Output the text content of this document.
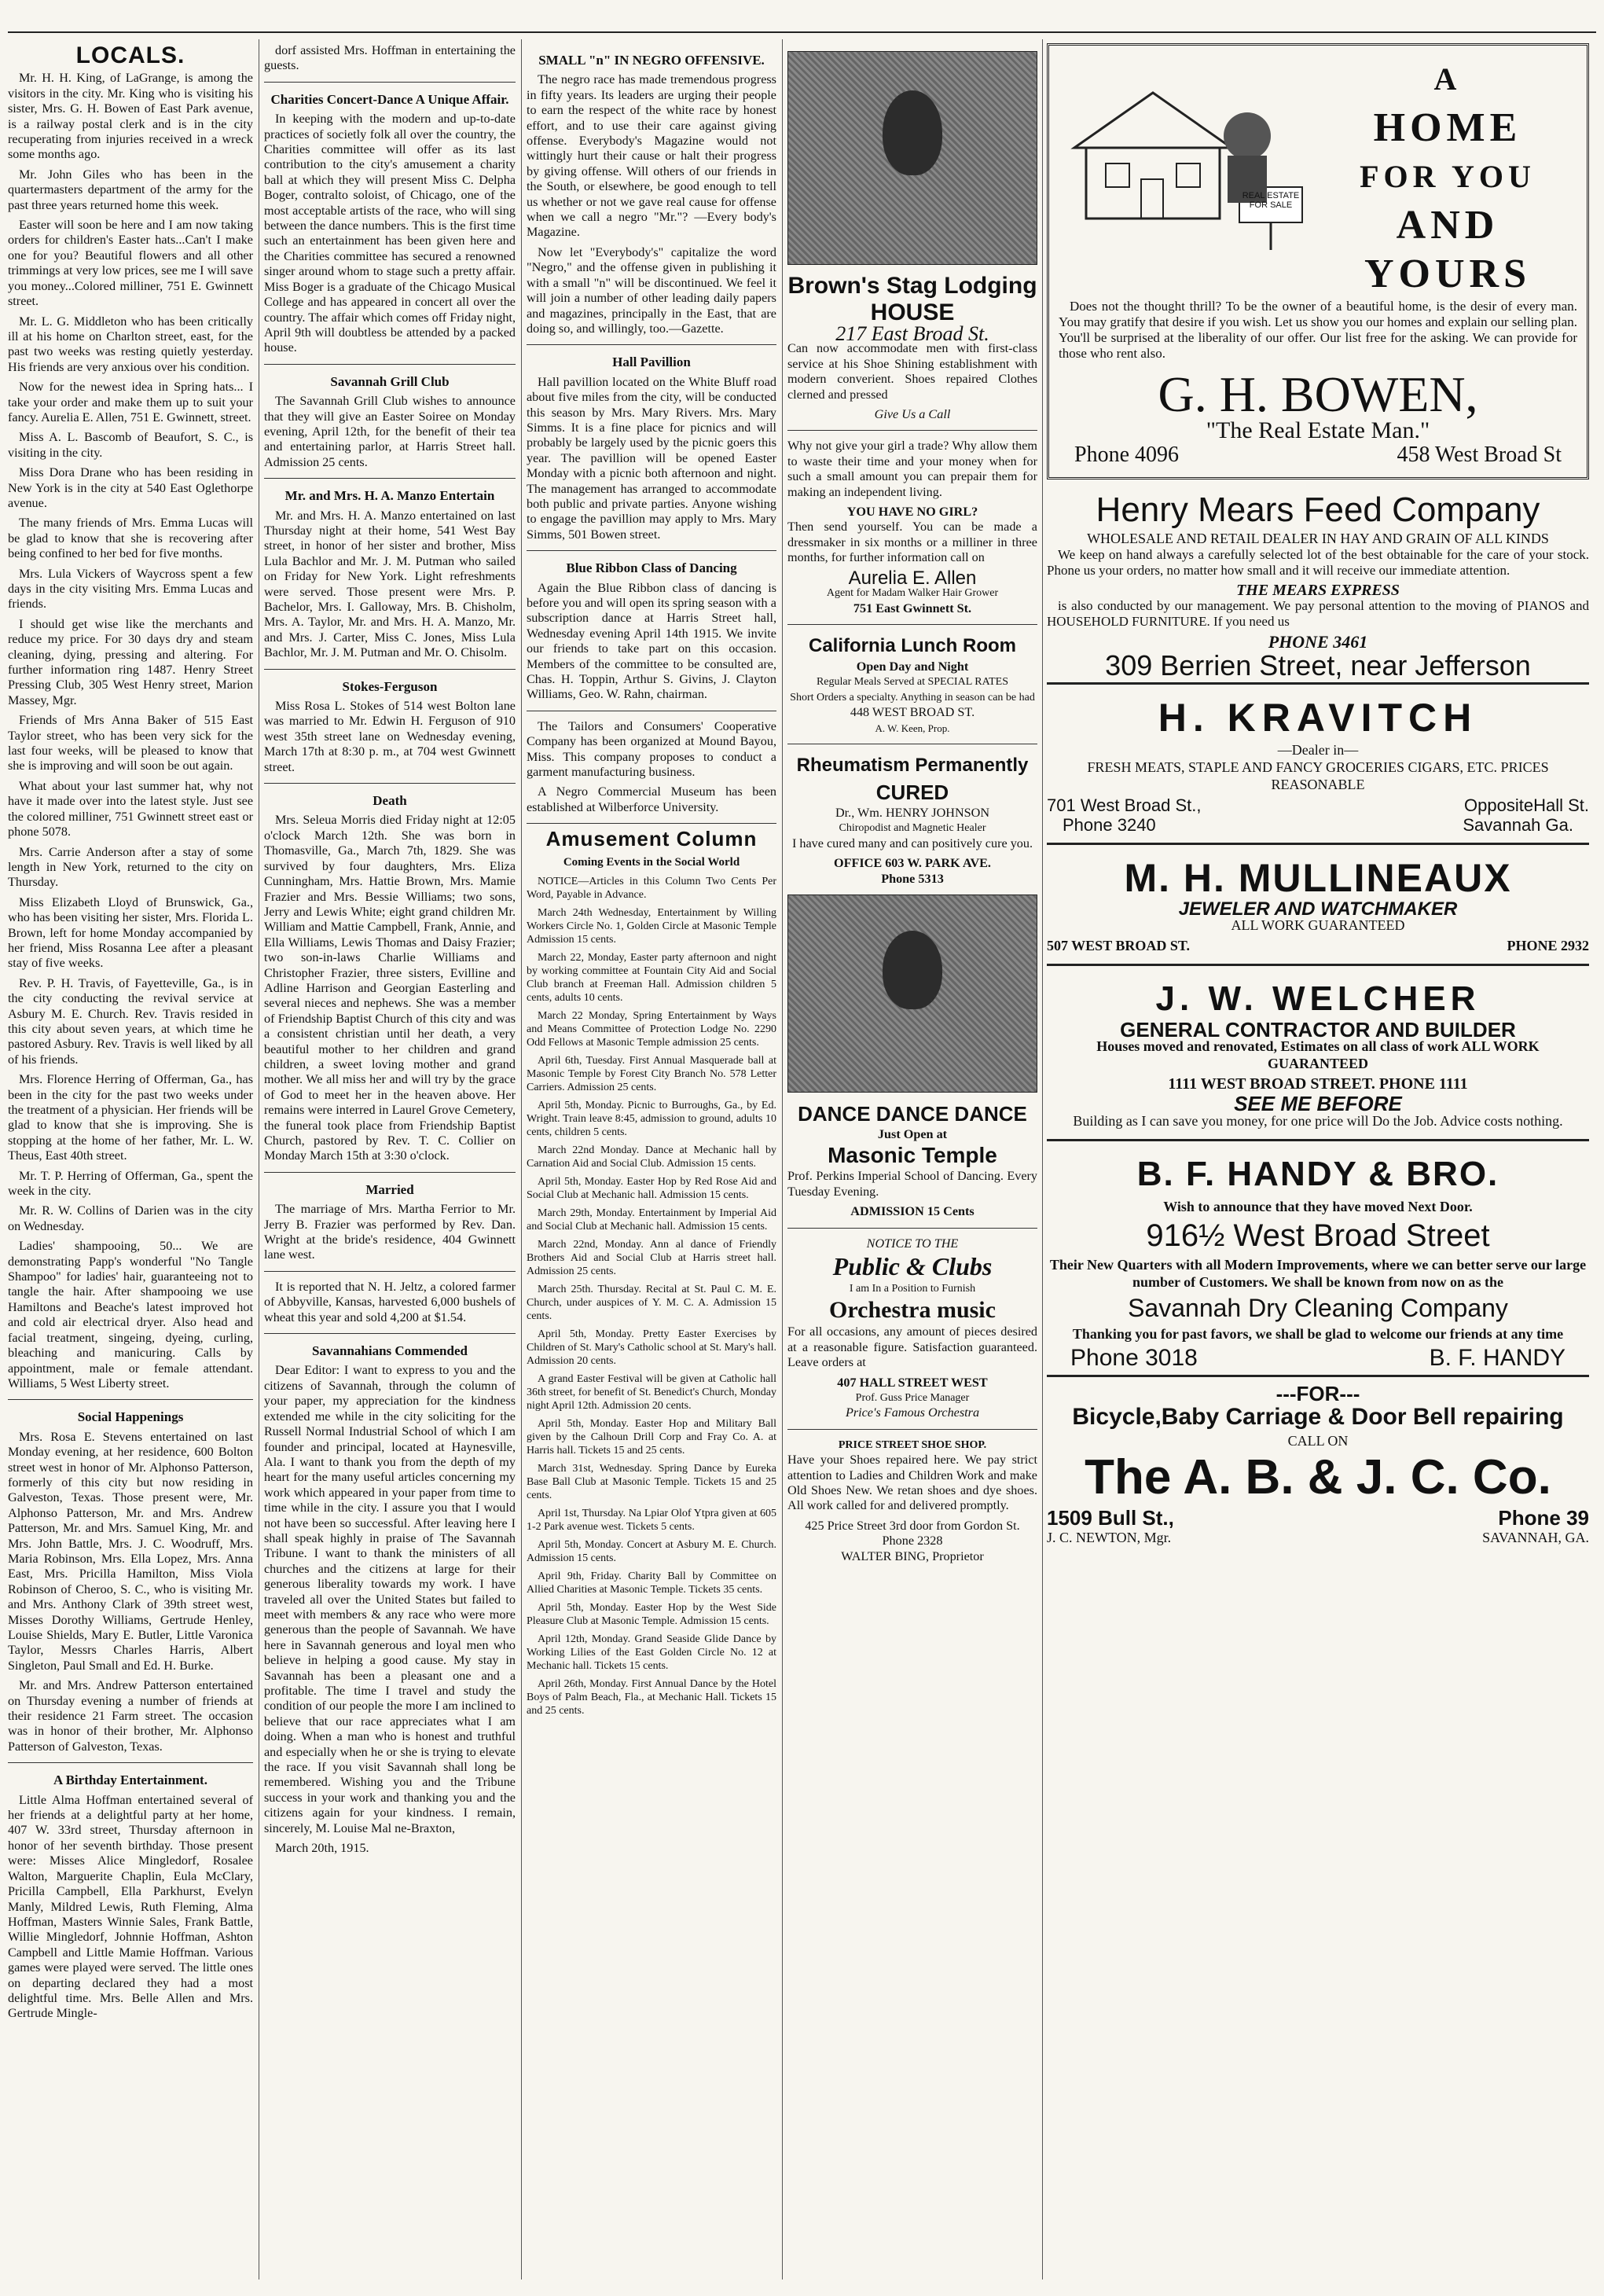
LOCALS.

Mr. H. H. King, of LaGrange, is among the visitors in the city. Mr. King who is visiting his sister, Mrs. G. H. Bowen of East Park avenue, is a railway postal clerk and is in the city recuperating from injuries received in a wreck some months ago.

Mr. John Giles who has been in the quartermasters department of the army for the past three years returned home this week.

Easter will soon be here and I am now taking orders for children's Easter hats...Can't I make one for you? Beautiful flowers and all other trimmings at very low prices, see me I will save you money...Colored milliner, 751 E. Gwinnett street.

Mr. L. G. Middleton who has been critically ill at his home on Charlton street, east, for the past two weeks was resting quietly yesterday. His friends are very anxious over his condition.

Now for the newest idea in Spring hats... I take your order and make them up to suit your fancy. Aurelia E. Allen, 751 E. Gwinnett, street.

Miss A. L. Bascomb of Beaufort, S. C., is visiting in the city.

Miss Dora Drane who has been residing in New York is in the city at 540 East Oglethorpe avenue.

The many friends of Mrs. Emma Lucas will be glad to know that she is recovering after being confined to her bed for five months.

Mrs. Lula Vickers of Waycross spent a few days in the city visiting Mrs. Emma Lucas and friends.

I should get wise like the merchants and reduce my price. For 30 days dry and steam cleaning, dying, pressing and altering. For further information ring 1487. Henry Street Pressing Club, 305 West Henry street, Marion Massey, Mgr.

Friends of Mrs Anna Baker of 515 East Taylor street, who has been very sick for the last four weeks, will be pleased to know that she is improving and will soon be out again.

What about your last summer hat, why not have it made over into the latest style. Just see the colored milliner, 751 Gwinnett street east or phone 5078.

Mrs. Carrie Anderson after a stay of some length in New York, returned to the city on Thursday.

Miss Elizabeth Lloyd of Brunswick, Ga., who has been visiting her sister, Mrs. Florida L. Brown, left for home Monday accompanied by her friend, Miss Rosanna Lee after a pleasant stay of five weeks.

Rev. P. H. Travis, of Fayetteville, Ga., is in the city conducting the revival service at Asbury M. E. Church. Rev. Travis resided in this city about seven years, at which time he pastored Asbury. Rev. Travis is well liked by all of his friends.

Mrs. Florence Herring of Offerman, Ga., has been in the city for the past two weeks under the treatment of a physician. Her friends will be glad to know that she is improving. She is stopping at the home of her father, Mr. L. W. Theus, East 40th street.

Mr. T. P. Herring of Offerman, Ga., spent the week in the city.

Mr. R. W. Collins of Darien was in the city on Wednesday.

Ladies' shampooing, 50... We are demonstrating Papp's wonderful "No Tangle Shampoo" for ladies' hair, guaranteeing not to tangle the hair. After shampooing we use Hamiltons and Beache's latest improved hot and cold air electrical dryer. Also head and facial treatment, singeing, dyeing, curling, bleaching and manicuring. Calls by appointment, male or female attendant. Williams, 5 West Liberty street.

Social Happenings

Mrs. Rosa E. Stevens entertained on last Monday evening, at her residence, 600 Bolton street west in honor of Mr. Alphonso Patterson, formerly of this city but now residing in Galveston, Texas. Those present were, Mr. Alphonso Patterson, Mr. and Mrs. Andrew Patterson, Mr. and Mrs. Samuel King, Mr. and Mrs. John Battle, Mrs. J. C. Woodruff, Mrs. Maria Robinson, Mrs. Ella Lopez, Mrs. Anna East, Mrs. Pricilla Hamilton, Miss Viola Robinson of Cheroo, S. C., who is visiting Mr. and Mrs. Anthony Clark of 39th street west, Misses Dorothy Williams, Gertrude Henley, Louise Shields, Mary E. Butler, Little Varonica Taylor, Messrs Charles Harris, Albert Singleton, Paul Small and Ed. H. Burke.

Mr. and Mrs. Andrew Patterson entertained on Thursday evening a number of friends at their residence 21 Farm street. The occasion was in honor of their brother, Mr. Alphonso Patterson of Galveston, Texas.

A Birthday Entertainment.

Little Alma Hoffman entertained several of her friends at a delightful party at her home, 407 W. 33rd street, Thursday afternoon in honor of her seventh birthday. Those present were: Misses Alice Mingledorf, Rosalee Walton, Marguerite Chaplin, Eula McClary, Pricilla Campbell, Ella Parkhurst, Evelyn Manly, Mildred Lewis, Ruth Fleming, Alma Hoffman, Masters Winnie Sales, Frank Battle, Willie Mingledorf, Johnnie Hoffman, Ashton Campbell and Little Mamie Hoffman. Various games were played were served. The little ones on departing declared they had a most delightful time. Mrs. Belle Allen and Mrs. Gertrude Mingle-

dorf assisted Mrs. Hoffman in entertaining the guests.

Charities Concert-Dance A Unique Affair.

In keeping with the modern and up-to-date practices of societly folk all over the country, the Charities committee will offer as its last contribution to the city's amusement a charity ball at which they will present Miss C. Delpha Boger, contralto soloist, of Chicago, one of the most acceptable artists of the race, who will sing between the dance numbers. This is the first time such an entertainment has been given here and the Charities committee has secured a renowned singer around whom to stage such a pretty affair. Miss Boger is a graduate of the Chicago Musical College and has appeared in concert all over the country. The affair which comes off Friday night, April 9th will doubtless be attended by a packed house.

Savannah Grill Club

The Savannah Grill Club wishes to announce that they will give an Easter Soiree on Monday evening, April 12th, for the benefit of their tea and entertaining parlor, at Harris Street hall. Admission 25 cents.

Mr. and Mrs. H. A. Manzo Entertain

Mr. and Mrs. H. A. Manzo entertained on last Thursday night at their home, 541 West Bay street, in honor of her sister and brother, Miss Lula Bachlor and Mr. J. M. Putman who sailed on Friday for New York. Light refreshments were served. Those present were Mrs. P. Bachelor, Mrs. I. Galloway, Mrs. B. Chisholm, Mrs. A. Taylor, Mr. and Mrs. H. A. Manzo, Mr. and Mrs. J. Carter, Miss C. Jones, Miss Lula Bachlor, Mr. J. M. Putman and Mr. O. Chisolm.

Stokes-Ferguson

Miss Rosa L. Stokes of 514 west Bolton lane was married to Mr. Edwin H. Ferguson of 910 west 35th street lane on Wednesday evening, March 17th at 8:30 p. m., at 704 west Gwinnett street.

Death

Mrs. Seleua Morris died Friday night at 12:05 o'clock March 12th. She was born in Thomasville, Ga., March 7th, 1829. She was survived by four daughters, Mrs. Eliza Cunningham, Mrs. Hattie Brown, Mrs. Mamie Frazier and Mrs. Bessie Williams; two sons, Jerry and Lewis White; eight grand children Mr. William and Mattie Campbell, Frank, Annie, and Ella Williams, Lewis Thomas and Daisy Frazier; two son-in-laws Charlie Williams and Christopher Frazier, three sisters, Evilline and Adline Harrison and Georgian Easterling and several nieces and nephews. She was a member of Friendship Baptist Church of this city and was a consistent christian until her death, a very beautiful mother to her children and grand children, a sweet loving mother and grand mother. We all miss her and will try by the grace of God to meet her in the heaven above. Her remains were interred in Laurel Grove Cemetery, the funeral took place from Friendship Baptist Church, pastored by Rev. T. C. Collier on Monday March 15th at 3:30 o'clock.

Married

The marriage of Mrs. Martha Ferrior to Mr. Jerry B. Frazier was performed by Rev. Dan. Wright at the bride's residence, 404 Gwinnett lane west.

It is reported that N. H. Jeltz, a colored farmer of Abbyville, Kansas, harvested 6,000 bushels of wheat this year and sold 4,200 at $1.54.

Savannahians Commended

Dear Editor: I want to express to you and the citizens of Savannah, through the column of your paper, my appreciation for the kindness extended me while in the city soliciting for the Russell Normal Industrial School of which I am founder and principal, located at Haynesville, Ala. I want to thank you from the depth of my heart for the many useful articles concerning my work which appeared in your paper from time to time while in the city. I assure you that I would not have been so successful. After leaving here I shall speak highly in praise of The Savannah Tribune. I want to thank the ministers of all churches and the citizens at large for their generous liberality towards my work. I have traveled all over the United States but failed to meet with members & any race who were more generous than the people of Savannah. We have here in Savannah generous and loyal men who believe in helping a good cause. My stay in Savannah has been a pleasant one and a profitable. The time I travel and study the condition of our people the more I am inclined to believe that our race appreciates what I am doing. When a man who is honest and truthful and especially when he or she is trying to elevate the race. If you visit Savannah shall long be remembered. Wishing you and the Tribune success in your work and thanking you and the citizens again for your kindness. I remain, sincerely, M. Louise Mal ne-Braxton,

March 20th, 1915.

SMALL "n" IN NEGRO OFFENSIVE.

The negro race has made tremendous progress in fifty years. Its leaders are urging their people to earn the respect of the white race by honest effort, and to use their care against giving offense. Everybody's Magazine would not wittingly hurt their cause or halt their progress by giving offense. Will others of our friends in the South, or elsewhere, be good enough to tell us whether or not we gave real cause for offense when we call a negro "Mr."? —Every body's Magazine.

Now let "Everybody's" capitalize the word "Negro," and the offense given in publishing it with a small "n" will be discontinued. We feel it will join a number of other leading daily papers and magazines, principally in the East, that are doing so, and willingly, too.—Gazette.

Hall Pavillion

Hall pavillion located on the White Bluff road about five miles from the city, will be conducted this season by Mrs. Mary Rivers. Mrs. Mary Simms. It is a fine place for picnics and will probably be largely used by the picnic goers this year. The pavillion will be opened Easter Monday with a picnic both afternoon and night. The management has arranged to accommodate both public and private parties. Anyone wishing to engage the pavillion may apply to Mrs. Mary Simms, 501 Bowen street.

Blue Ribbon Class of Dancing

Again the Blue Ribbon class of dancing is before you and will open its spring season with a subscription dance at Harris Street hall, Wednesday evening April 14th 1915. We invite our friends to take part on this occasion. Members of the committee to be consulted are, Chas. H. Toppin, Arthur S. Givins, J. Clayton Williams, Geo. W. Rahn, chairman.

The Tailors and Consumers' Cooperative Company has been organized at Mound Bayou, Miss. This company proposes to conduct a garment manufacturing business.

A Negro Commercial Museum has been established at Wilberforce University.

Amusement Column
Coming Events in the Social World

NOTICE—Articles in this Column Two Cents Per Word, Payable in Advance.

March 24th Wednesday, Entertainment by Willing Workers Circle No. 1, Golden Circle at Masonic Temple Admission 15 cents.

March 22, Monday, Easter party afternoon and night by working committee at Fountain City Aid and Social Club branch at Freeman Hall. Admission children 5 cents, adults 10 cents.

March 22 Monday, Spring Entertainment by Ways and Means Committee of Protection Lodge No. 2290 Odd Fellows at Masonic Temple admission 25 cents.

April 6th, Tuesday. First Annual Masquerade ball at Masonic Temple by Forest City Branch No. 578 Letter Carriers. Admission 25 cents.

April 5th, Monday. Picnic to Burroughs, Ga., by Ed. Wright. Train leave 8:45, admission to ground, adults 10 cents, children 5 cents.

March 22nd Monday. Dance at Mechanic hall by Carnation Aid and Social Club. Admission 15 cents.

April 5th, Monday. Easter Hop by Red Rose Aid and Social Club at Mechanic hall. Admission 15 cents.

March 29th, Monday. Entertainment by Imperial Aid and Social Club at Mechanic hall. Admission 15 cents.

March 22nd, Monday. Ann al dance of Friendly Brothers Aid and Social Club at Harris street hall. Admission 25 cents.

March 25th. Thursday. Recital at St. Paul C. M. E. Church, under auspices of Y. M. C. A. Admission 15 cents.

April 5th, Monday. Pretty Easter Exercises by Children of St. Mary's Catholic school at St. Mary's hall. Admission 20 cents.

A grand Easter Festival will be given at Catholic hall 36th street, for benefit of St. Benedict's Church, Monday night April 12th. Admission 20 cents.

April 5th, Monday. Easter Hop and Military Ball given by the Calhoun Drill Corp and Fray Co. A. at Harris hall. Tickets 15 and 25 cents.

March 31st, Wednesday. Spring Dance by Eureka Base Ball Club at Masonic Temple. Tickets 15 and 25 cents.

April 1st, Thursday. Na Lpiar Olof Ytpra given at 605 1-2 Park avenue west. Tickets 5 cents.

April 5th, Monday. Concert at Asbury M. E. Church. Admission 15 cents.

April 9th, Friday. Charity Ball by Committee on Allied Charities at Masonic Temple. Tickets 35 cents.

April 5th, Monday. Easter Hop by the West Side Pleasure Club at Masonic Temple. Admission 15 cents.

April 12th, Monday. Grand Seaside Glide Dance by Working Lilies of the East Golden Circle No. 12 at Mechanic hall. Tickets 15 cents.

April 26th, Monday. First Annual Dance by the Hotel Boys of Palm Beach, Fla., at Mechanic Hall. Tickets 15 and 25 cents.

Brown's Stag Lodging HOUSE
217 East Broad St.

Can now accommodate men with first-class service at his Shoe Shining establishment with modern converient. Shoes repaired Clothes clerned and pressed

Give Us a Call

Why not give your girl a trade? Why allow them to waste their time and your money when for such a small amount you can prepair them for making an independent living.

YOU HAVE NO GIRL?

Then send yourself. You can be made a dressmaker in six months or a milliner in three months, for further information call on

Aurelia E. Allen
Agent for Madam Walker Hair Grower
751 East Gwinnett St.
California Lunch Room
Open Day and Night
Regular Meals Served at SPECIAL RATES
Short Orders a specialty. Anything in season can be had
448 WEST BROAD ST.
A. W. Keen, Prop.
Rheumatism Permanently
CURED
Dr., Wm. HENRY JOHNSON
Chiropodist and Magnetic Healer

I have cured many and can positively cure you.

OFFICE 603 W. PARK AVE.
Phone 5313
DANCE DANCE DANCE
Just Open at
Masonic Temple

Prof. Perkins Imperial School of Dancing. Every Tuesday Evening.

ADMISSION 15 Cents
NOTICE TO THE
Public & Clubs
I am In a Position to Furnish
Orchestra music

For all occasions, any amount of pieces desired at a reasonable figure. Satisfaction guaranteed. Leave orders at

407 HALL STREET WEST
Prof. Guss Price Manager
Price's Famous Orchestra
PRICE STREET SHOE SHOP.

Have your Shoes repaired here. We pay strict attention to Ladies and Children Work and make Old Shoes New. We retan shoes and dye shoes. All work called for and delivered promptly.

425 Price Street 3rd door from Gordon St.
Phone 2328
WALTER BING, Proprietor
REAL ESTATE FOR SALE
A
HOME
FOR YOU
AND
YOURS

Does not the thought thrill? To be the owner of a beautiful home, is the desir of every man. You may gratify that desire if you wish. Let us show you our homes and explain our selling plan. You'll be surprised at the liberality of our offer. Our list free for the asking. We can provide for those who rent also.

G. H. BOWEN,
"The Real Estate Man."
Phone 4096	458 West Broad St
Henry Mears Feed Company
WHOLESALE AND RETAIL DEALER IN HAY AND GRAIN OF ALL KINDS

We keep on hand always a carefully selected lot of the best obtainable for the care of your stock. Phone us your orders, no matter how small and it will receive our immediate attention.

THE MEARS EXPRESS

is also conducted by our management. We pay personal attention to the moving of PIANOS and HOUSEHOLD FURNITURE. If you need us

PHONE 3461
309 Berrien Street, near Jefferson
H. KRAVITCH
—Dealer in—
FRESH MEATS, STAPLE AND FANCY GROCERIES CIGARS, ETC. PRICES REASONABLE
701 West Broad St.,	OppositeHall St.
Phone 3240	Savannah Ga.
M. H. MULLINEAUX
JEWELER AND WATCHMAKER
ALL WORK GUARANTEED
507 WEST BROAD ST.	PHONE 2932
J. W. WELCHER
GENERAL CONTRACTOR AND BUILDER
Houses moved and renovated, Estimates on all class of work ALL WORK GUARANTEED
1111 WEST BROAD STREET. PHONE 1111
SEE ME BEFORE
Building as I can save you money, for one price will Do the Job. Advice costs nothing.
B. F. HANDY & BRO.
Wish to announce that they have moved Next Door.
916½ West Broad Street
Their New Quarters with all Modern Improvements, where we can better serve our large number of Customers. We shall be known from now on as the
Savannah Dry Cleaning Company
Thanking you for past favors, we shall be glad to welcome our friends at any time
Phone 3018	B. F. HANDY
---FOR---
Bicycle,Baby Carriage & Door Bell repairing
CALL ON
The A. B. & J. C. Co.
1509 Bull St.,	Phone 39
J. C. NEWTON, Mgr.	SAVANNAH, GA.
